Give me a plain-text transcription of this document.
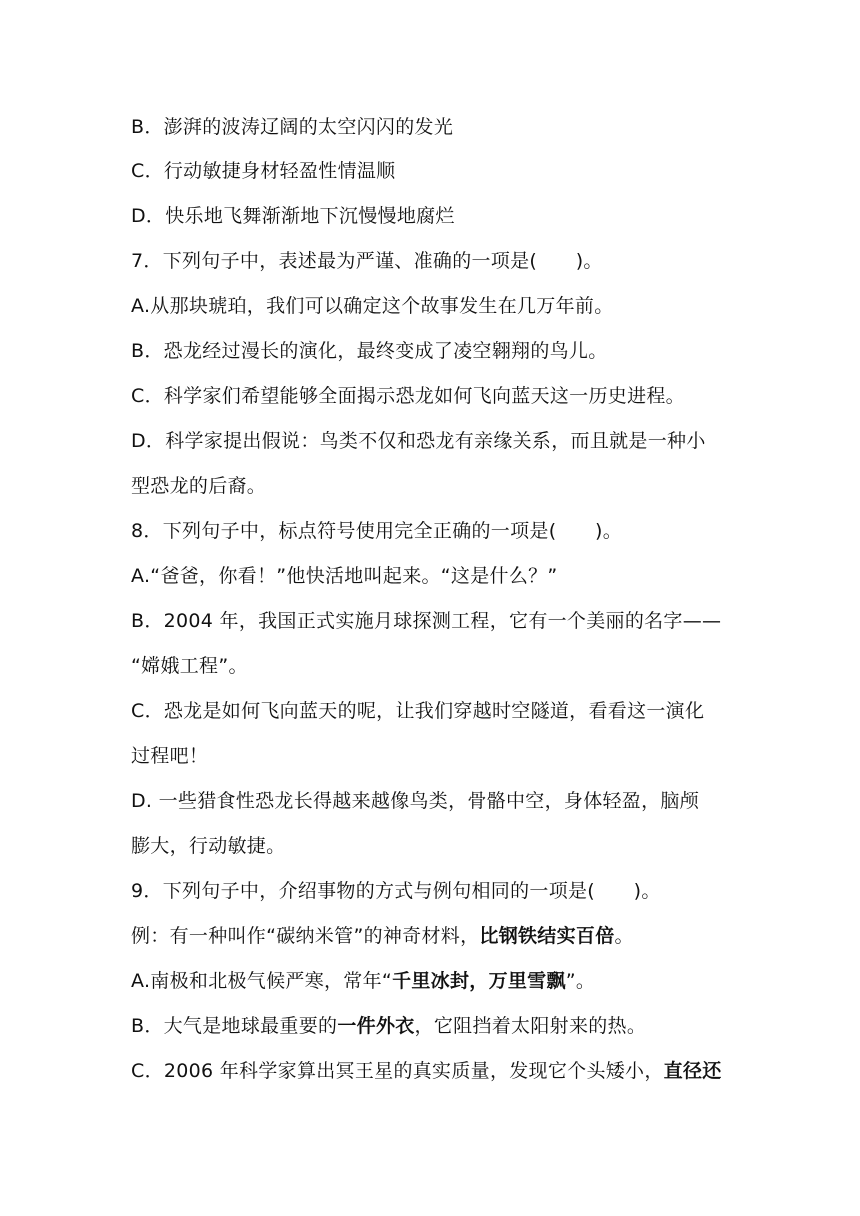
B．澎湃的波涛辽阔的太空闪闪的发光
C．行动敏捷身材轻盈性情温顺
D．快乐地飞舞渐渐地下沉慢慢地腐烂
7．下列句子中，表述最为严谨、准确的一项是(　　)。
A.从那块琥珀，我们可以确定这个故事发生在几万年前。
B．恐龙经过漫长的演化，最终变成了凌空翱翔的鸟儿。
C．科学家们希望能够全面揭示恐龙如何飞向蓝天这一历史进程。
D．科学家提出假说：鸟类不仅和恐龙有亲缘关系，而且就是一种小
型恐龙的后裔。
8．下列句子中，标点符号使用完全正确的一项是(　　)。
A.“爸爸，你看！”他快活地叫起来。“这是什么？”
B．2004 年，我国正式实施月球探测工程，它有一个美丽的名字——
“嫦娥工程”。
C．恐龙是如何飞向蓝天的呢，让我们穿越时空隧道，看看这一演化
过程吧！
D. 一些猎食性恐龙长得越来越像鸟类，骨骼中空，身体轻盈，脑颅
膨大，行动敏捷。
9．下列句子中，介绍事物的方式与例句相同的一项是(　　)。
例：有一种叫作“碳纳米管”的神奇材料，比钢铁结实百倍。
A.南极和北极气候严寒，常年“千里冰封，万里雪飘”。
B．大气是地球最重要的一件外衣，它阻挡着太阳射来的热。
C．2006 年科学家算出冥王星的真实质量，发现它个头矮小，直径还
